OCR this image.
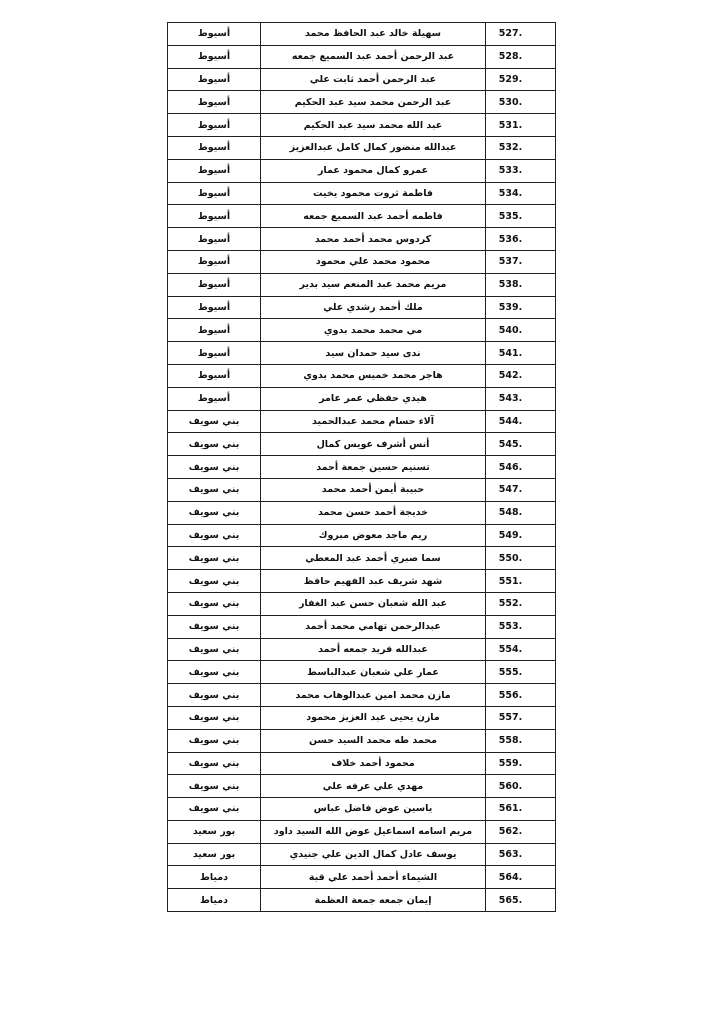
أسيوط	سهيلة خالد عبد الحافظ محمد	527.
أسيوط	عبد الرحمن أحمد عبد السميع جمعه	528.
أسيوط	عبد الرحمن أحمد ثابت علي	529.
أسيوط	عبد الرحمن محمد سيد عبد الحكيم	530.
أسيوط	عبد الله محمد سيد عبد الحكيم	531.
أسيوط	عبدالله منصور كمال كامل عبدالعزيز	532.
أسيوط	عمرو كمال محمود عمار	533.
أسيوط	فاطمة ثروت محمود يخيت	534.
أسيوط	فاطمه أحمد عبد السميع جمعه	535.
أسيوط	كردوس محمد أحمد محمد	536.
أسيوط	محمود محمد علي محمود	537.
أسيوط	مريم محمد عبد المنعم سيد بدير	538.
أسيوط	ملك أحمد رشدي علي	539.
أسيوط	مي محمد محمد بدوي	540.
أسيوط	ندى سيد حمدان سيد	541.
أسيوط	هاجر محمد خميس محمد بدوي	542.
أسيوط	هيدي حفظي عمر عامر	543.
بني سويف	آلاء حسام محمد عبدالحميد	544.
بني سويف	أنس أشرف عويس كمال	545.
بني سويف	تسنيم حسين جمعة أحمد	546.
بني سويف	حبيبة أيمن أحمد محمد	547.
بني سويف	خديجة أحمد حسن محمد	548.
بني سويف	ريم ماجد معوض مبروك	549.
بني سويف	سما صبري أحمد عبد المعطي	550.
بني سويف	شهد شريف عبد الفهيم حافظ	551.
بني سويف	عبد الله شعبان حسن عبد الغفار	552.
بني سويف	عبدالرحمن تهامي محمد أحمد	553.
بني سويف	عبدالله فريد جمعه أحمد	554.
بني سويف	عمار علي شعبان عبدالباسط	555.
بني سويف	مازن محمد امين عبدالوهاب محمد	556.
بني سويف	مازن يحيى عبد العزيز محمود	557.
بني سويف	محمد طه محمد السيد حسن	558.
بني سويف	محمود أحمد خلاف	559.
بني سويف	مهدي علي عرفه علي	560.
بني سويف	ياسين عوض فاضل عباس	561.
بور سعيد	مريم اسامه اسماعيل عوض الله السيد داود	562.
بور سعيد	يوسف عادل كمال الدين علي جنيدي	563.
دمياط	الشيماء أحمد أحمد علي قبة	564.
دمياط	إيمان جمعه جمعة العظمة	565.
